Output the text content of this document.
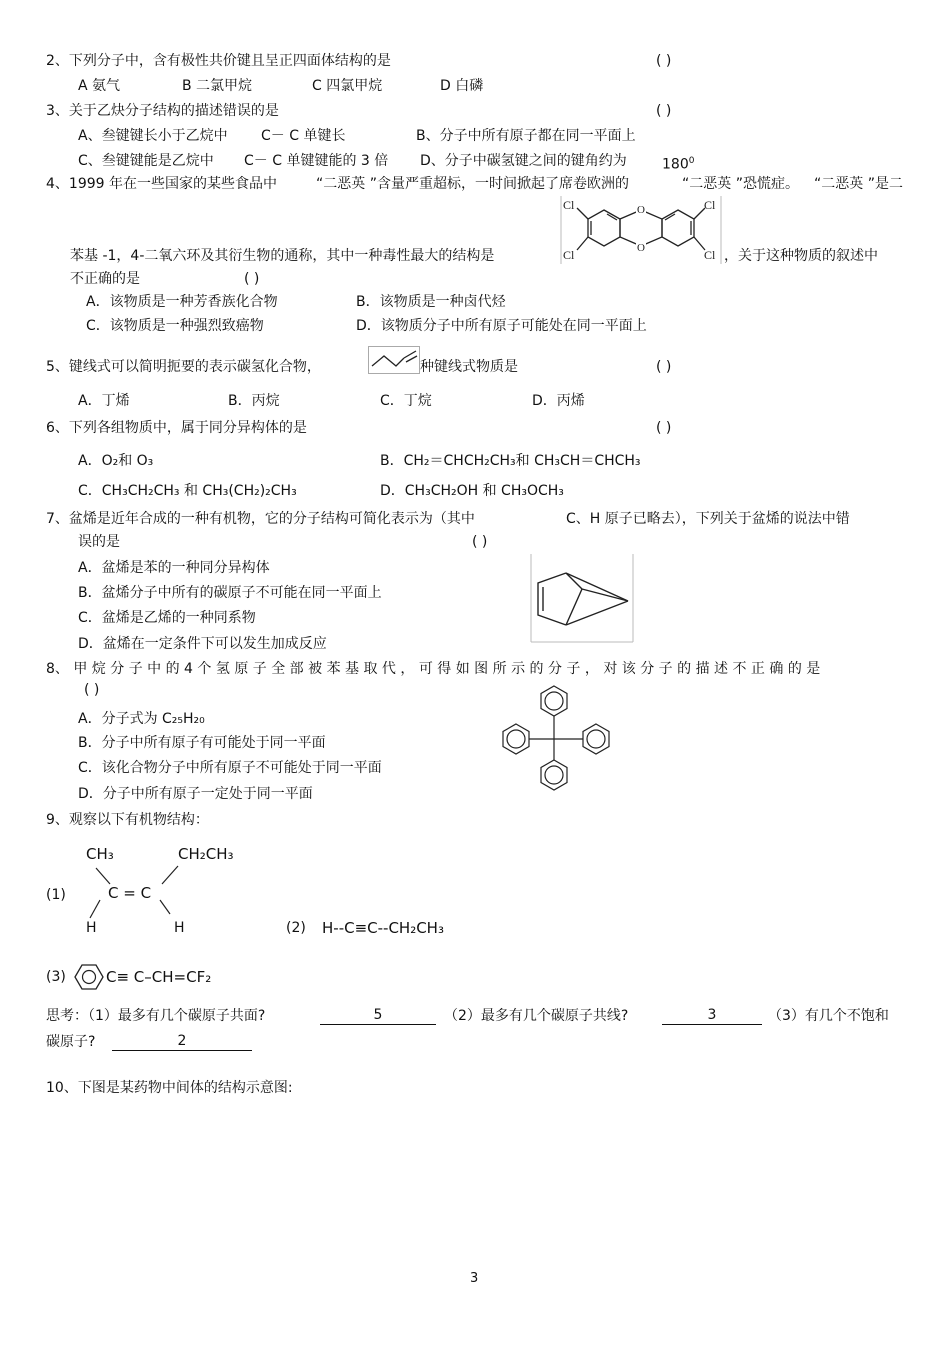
2、下列分子中，含有极性共价键且呈正四面体结构的是	( )
A 氨气	B 二氯甲烷	C 四氯甲烷	D 白磷
3、关于乙炔分子结构的描述错误的是	( )
A、叁键键长小于乙烷中 C－ C 单键长	B、分子中所有原子都在同一平面上
C、叁键键能是乙烷中 C－ C 单键键能的 3 倍 D、分子中碳氢键之间的键角约为	$180^0$
4、1999 年在一些国家的某些食品中	“二恶英 ”含量严重超标，一时间掀起了席卷欧洲的	“二恶英 ”恐慌症。 “二恶英 ”是二
O
O
Cl
Cl
Cl
Cl
苯基 -1，4-二氧六环及其衍生物的通称，其中一种毒性最大的结构是	，关于这种物质的叙述中
不正确的是	( )
A．该物质是一种芳香族化合物	B．该物质是一种卤代烃
C．该物质是一种强烈致癌物	D．该物质分子中所有原子可能处在同一平面上
5、键线式可以简明扼要的表示碳氢化合物，	种键线式物质是	( )
A．丁烯	B．丙烷	C．丁烷	D．丙烯
6、下列各组物质中，属于同分异构体的是	( )
A．O₂和 O₃	B．CH₂＝CHCH₂CH₃和 CH₃CH＝CHCH₃
C．CH₃CH₂CH₃ 和 CH₃(CH₂)₂CH₃	D．CH₃CH₂OH 和 CH₃OCH₃
7、盆烯是近年合成的一种有机物，它的分子结构可简化表示为（其中	C、H 原子已略去），下列关于盆烯的说法中错
误的是	( )
A．盆烯是苯的一种同分异构体
B．盆烯分子中所有的碳原子不可能在同一平面上
C．盆烯是乙烯的一种同系物
D．盆烯在一定条件下可以发生加成反应
8、 甲 烷 分 子 中 的 4 个 氢 原 子 全 部 被 苯 基 取 代 ， 可 得 如 图 所 示 的 分 子 ， 对 该 分 子 的 描 述 不 正 确 的 是
( )
A．分子式为 C₂₅H₂₀
B．分子中所有原子有可能处于同一平面
C．该化合物分子中所有原子不可能处于同一平面
D．分子中所有原子一定处于同一平面
9、观察以下有机物结构：
CH₃	CH₂CH₃
(1)	C = C
H	H	(2) H--C≡C--CH₂CH₃
(3)	C≡ C–CH=CF₂
思考：（1）最多有几个碳原子共面?	5	（2）最多有几个碳原子共线?	3	（3）有几个不饱和
碳原子?	2
10、下图是某药物中间体的结构示意图:
3
